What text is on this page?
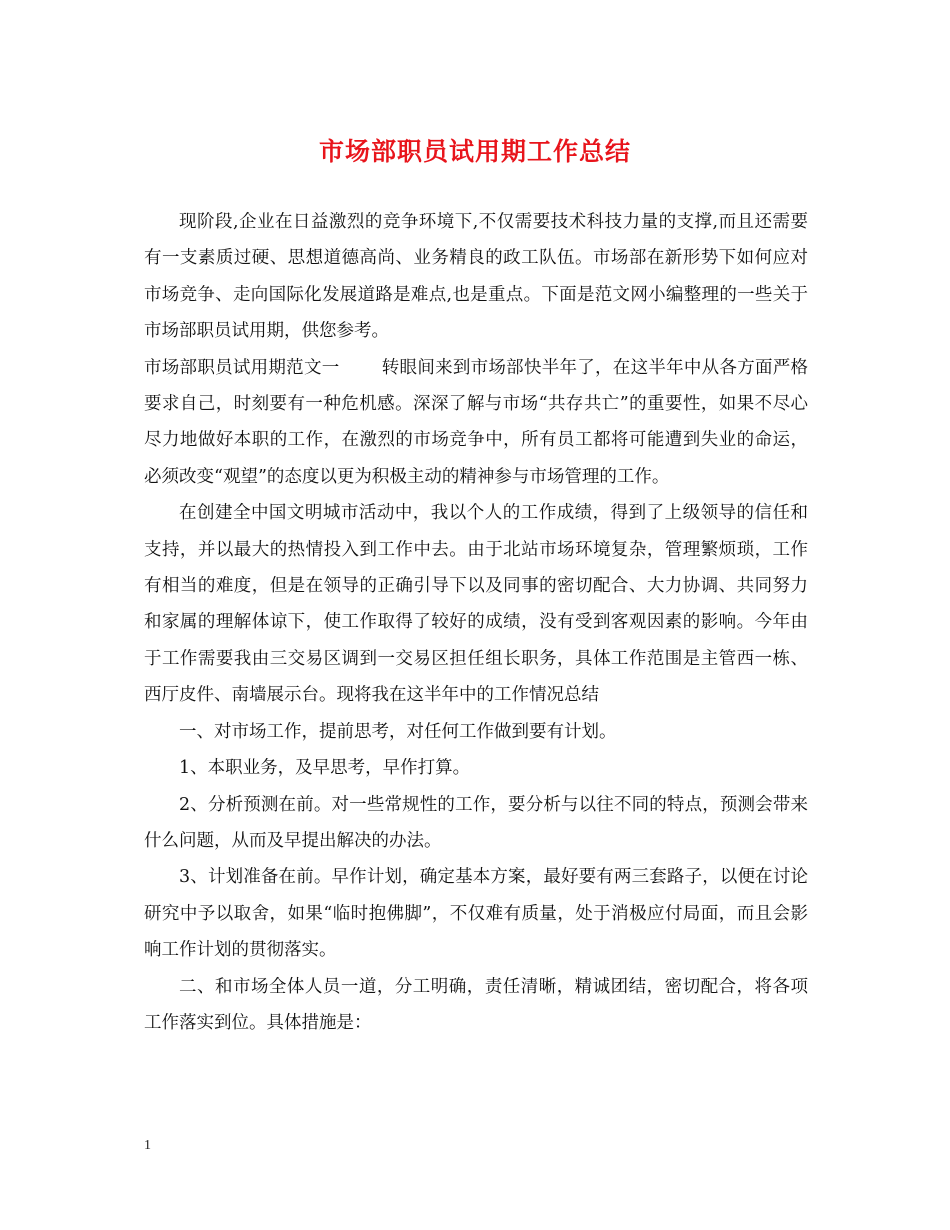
市场部职员试用期工作总结

现阶段,企业在日益激烈的竞争环境下,不仅需要技术科技力量的支撑,而且还需要有一支素质过硬、思想道德高尚、业务精良的政工队伍。市场部在新形势下如何应对市场竞争、走向国际化发展道路是难点,也是重点。下面是范文网小编整理的一些关于市场部职员试用期，供您参考。

市场部职员试用期范文一 转眼间来到市场部快半年了，在这半年中从各方面严格要求自己，时刻要有一种危机感。深深了解与市场“共存共亡”的重要性，如果不尽心尽力地做好本职的工作，在激烈的市场竞争中，所有员工都将可能遭到失业的命运，必须改变“观望”的态度以更为积极主动的精神参与市场管理的工作。

在创建全中国文明城市活动中，我以个人的工作成绩，得到了上级领导的信任和支持，并以最大的热情投入到工作中去。由于北站市场环境复杂，管理繁烦琐，工作有相当的难度，但是在领导的正确引导下以及同事的密切配合、大力协调、共同努力和家属的理解体谅下，使工作取得了较好的成绩，没有受到客观因素的影响。今年由于工作需要我由三交易区调到一交易区担任组长职务，具体工作范围是主管西一栋、西厅皮件、南墙展示台。现将我在这半年中的工作情况总结

一、对市场工作，提前思考，对任何工作做到要有计划。

1、本职业务，及早思考，早作打算。

2、分析预测在前。对一些常规性的工作，要分析与以往不同的特点，预测会带来什么问题，从而及早提出解决的办法。

3、计划准备在前。早作计划，确定基本方案，最好要有两三套路子，以便在讨论研究中予以取舍，如果“临时抱佛脚”，不仅难有质量，处于消极应付局面，而且会影响工作计划的贯彻落实。

二、和市场全体人员一道，分工明确，责任清晰，精诚团结，密切配合，将各项工作落实到位。具体措施是：

1
